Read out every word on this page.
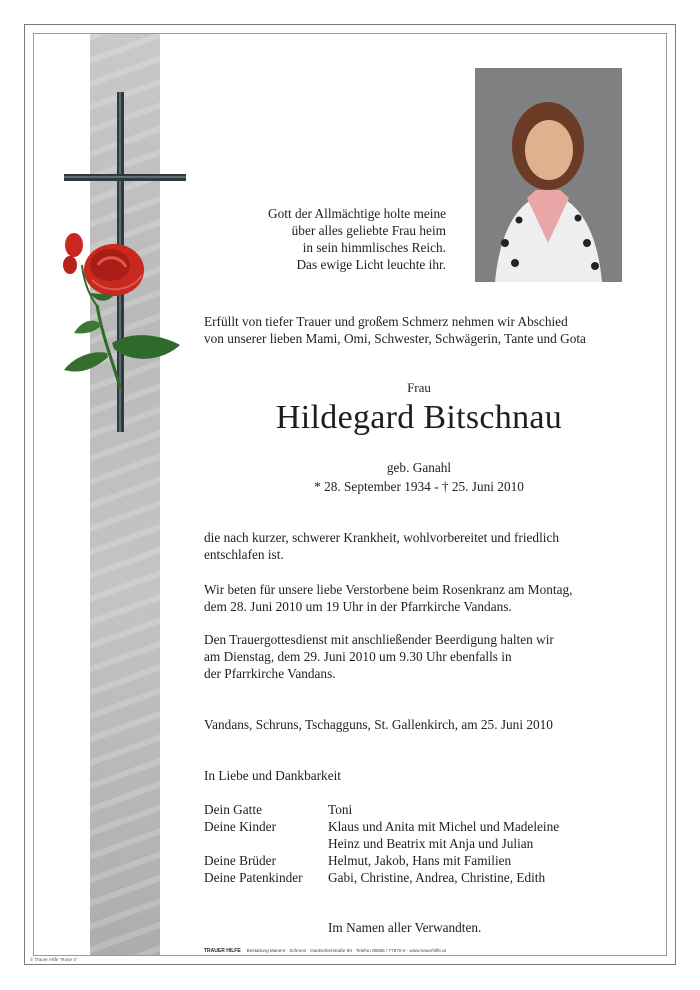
Gott der Allmächtige holte meine
über alles geliebte Frau heim
in sein himmlisches Reich.
Das ewige Licht leuchte ihr.
Erfüllt von tiefer Trauer und großem Schmerz nehmen wir Abschied
von unserer lieben Mami, Omi, Schwester, Schwägerin, Tante und Gota
Frau
Hildegard Bitschnau
geb. Ganahl
* 28. September 1934 - † 25. Juni 2010
die nach kurzer, schwerer Krankheit, wohlvorbereitet und friedlich
entschlafen ist.
Wir beten für unsere liebe Verstorbene beim Rosenkranz am Montag,
dem 28. Juni 2010 um 19 Uhr in der Pfarrkirche Vandans.
Den Trauergottesdienst mit anschließender Beerdigung halten wir
am Dienstag, dem 29. Juni 2010 um 9.30 Uhr ebenfalls in
der Pfarrkirche Vandans.
Vandans, Schruns, Tschagguns, St. Gallenkirch, am 25. Juni 2010
In Liebe und Dankbarkeit
Dein Gatte	Toni
Deine Kinder	Klaus und Anita mit Michel und Madeleine
Heinz und Beatrix mit Anja und Julian
Deine Brüder	Helmut, Jakob, Hans mit Familien
Deine Patenkinder	Gabi, Christine, Andrea, Christine, Edith
Im Namen aller Verwandten.
TRAUER HILFE Bestattung Manent · Schruns · Gantschierstraße 80 · Telefon 05556 / 77870-0 · www.trauerhilfe.at
© Trauer Hilfe "Rose 4"
